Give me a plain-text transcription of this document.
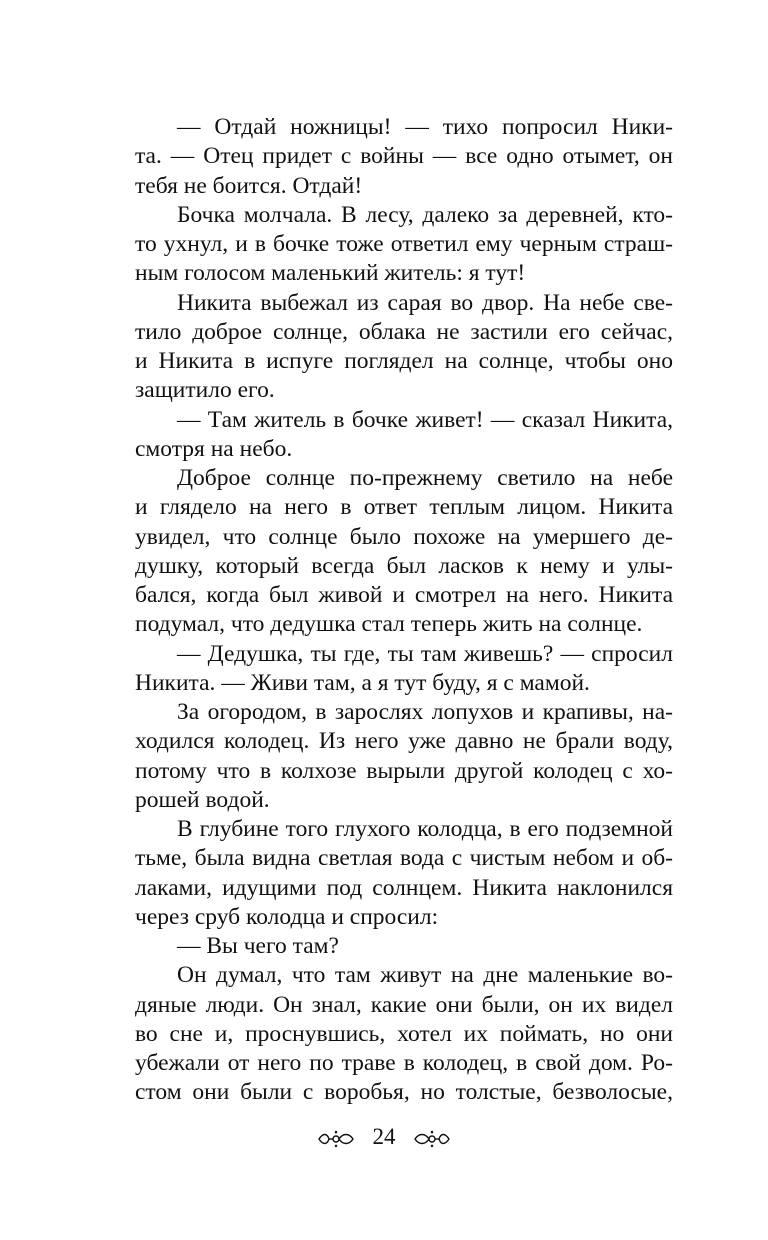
— Отдай ножницы! — тихо попросил Ники-
та. — Отец придет с войны — все одно отымет, он
тебя не боится. Отдай!
Бочка молчала. В лесу, далеко за деревней, кто-
то ухнул, и в бочке тоже ответил ему черным страш-
ным голосом маленький житель: я тут!
Никита выбежал из сарая во двор. На небе све-
тило доброе солнце, облака не застили его сейчас,
и Никита в испуге поглядел на солнце, чтобы оно
защитило его.
— Там житель в бочке живет! — сказал Никита,
смотря на небо.
Доброе солнце по-прежнему светило на небе
и глядело на него в ответ теплым лицом. Никита
увидел, что солнце было похоже на умершего де-
душку, который всегда был ласков к нему и улы-
бался, когда был живой и смотрел на него. Никита
подумал, что дедушка стал теперь жить на солнце.
— Дедушка, ты где, ты там живешь? — спросил
Никита. — Живи там, а я тут буду, я с мамой.
За огородом, в зарослях лопухов и крапивы, на-
ходился колодец. Из него уже давно не брали воду,
потому что в колхозе вырыли другой колодец с хо-
рошей водой.
В глубине того глухого колодца, в его подземной
тьме, была видна светлая вода с чистым небом и об-
лаками, идущими под солнцем. Никита наклонился
через сруб колодца и спросил:
— Вы чего там?
Он думал, что там живут на дне маленькие во-
дяные люди. Он знал, какие они были, он их видел
во сне и, проснувшись, хотел их поймать, но они
убежали от него по траве в колодец, в свой дом. Ро-
стом они были с воробья, но толстые, безволосые,
24
